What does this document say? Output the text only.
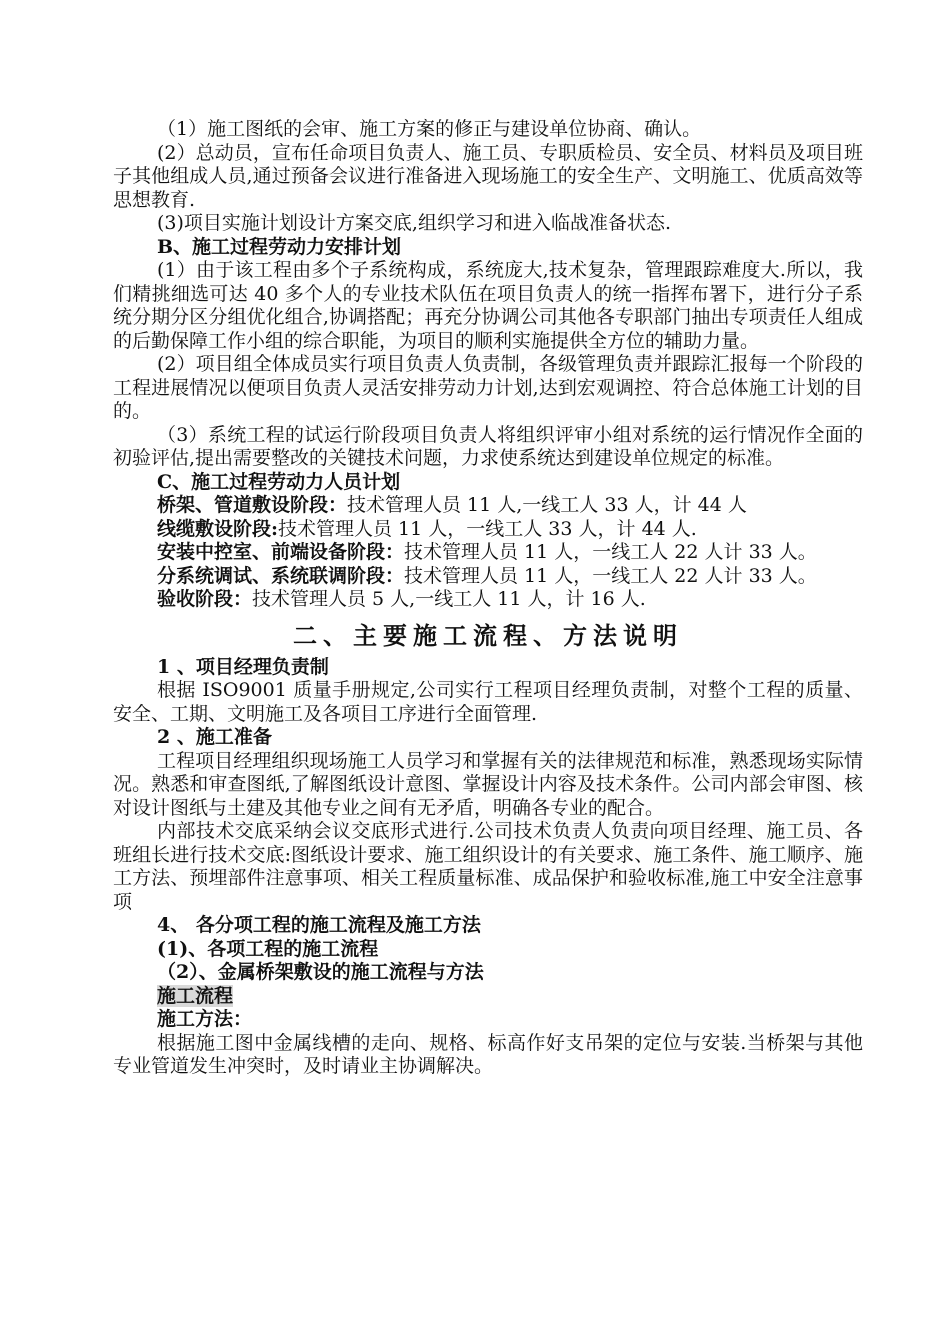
（1）施工图纸的会审、施工方案的修正与建设单位协商、确认。

(2）总动员，宣布任命项目负责人、施工员、专职质检员、安全员、材料员及项目班子其他组成人员,通过预备会议进行准备进入现场施工的安全生产、文明施工、优质高效等思想教育.

(3)项目实施计划设计方案交底,组织学习和进入临战准备状态.

B、施工过程劳动力安排计划

(1）由于该工程由多个子系统构成，系统庞大,技术复杂，管理跟踪难度大.所以，我们精挑细选可达 40 多个人的专业技术队伍在项目负责人的统一指挥布署下，进行分子系统分期分区分组优化组合,协调搭配；再充分协调公司其他各专职部门抽出专项责任人组成的后勤保障工作小组的综合职能，为项目的顺利实施提供全方位的辅助力量。

(2）项目组全体成员实行项目负责人负责制，各级管理负责并跟踪汇报每一个阶段的工程进展情况以便项目负责人灵活安排劳动力计划,达到宏观调控、符合总体施工计划的目的。

（3）系统工程的试运行阶段项目负责人将组织评审小组对系统的运行情况作全面的初验评估,提出需要整改的关键技术问题，力求使系统达到建设单位规定的标准。

C、施工过程劳动力人员计划

桥架、管道敷设阶段：技术管理人员 11 人,一线工人 33 人，计 44 人

线缆敷设阶段:技术管理人员 11 人，一线工人 33 人，计 44 人.

安装中控室、前端设备阶段：技术管理人员 11 人，一线工人 22 人计 33 人。

分系统调试、系统联调阶段：技术管理人员 11 人，一线工人 22 人计 33 人。

验收阶段：技术管理人员 5 人,一线工人 11 人，计 16 人.

二、主要施工流程、方法说明

1 、项目经理负责制

根据 ISO9001 质量手册规定,公司实行工程项目经理负责制，对整个工程的质量、安全、工期、文明施工及各项目工序进行全面管理.

2 、施工准备

工程项目经理组织现场施工人员学习和掌握有关的法律规范和标准，熟悉现场实际情况。熟悉和审查图纸,了解图纸设计意图、掌握设计内容及技术条件。公司内部会审图、核对设计图纸与土建及其他专业之间有无矛盾，明确各专业的配合。

内部技术交底采纳会议交底形式进行.公司技术负责人负责向项目经理、施工员、各班组长进行技术交底:图纸设计要求、施工组织设计的有关要求、施工条件、施工顺序、施工方法、预埋部件注意事项、相关工程质量标准、成品保护和验收标准,施工中安全注意事项

4、 各分项工程的施工流程及施工方法

(1)、各项工程的施工流程

（2）、金属桥架敷设的施工流程与方法

施工流程

施工方法：

根据施工图中金属线槽的走向、规格、标高作好支吊架的定位与安装.当桥架与其他专业管道发生冲突时，及时请业主协调解决。
